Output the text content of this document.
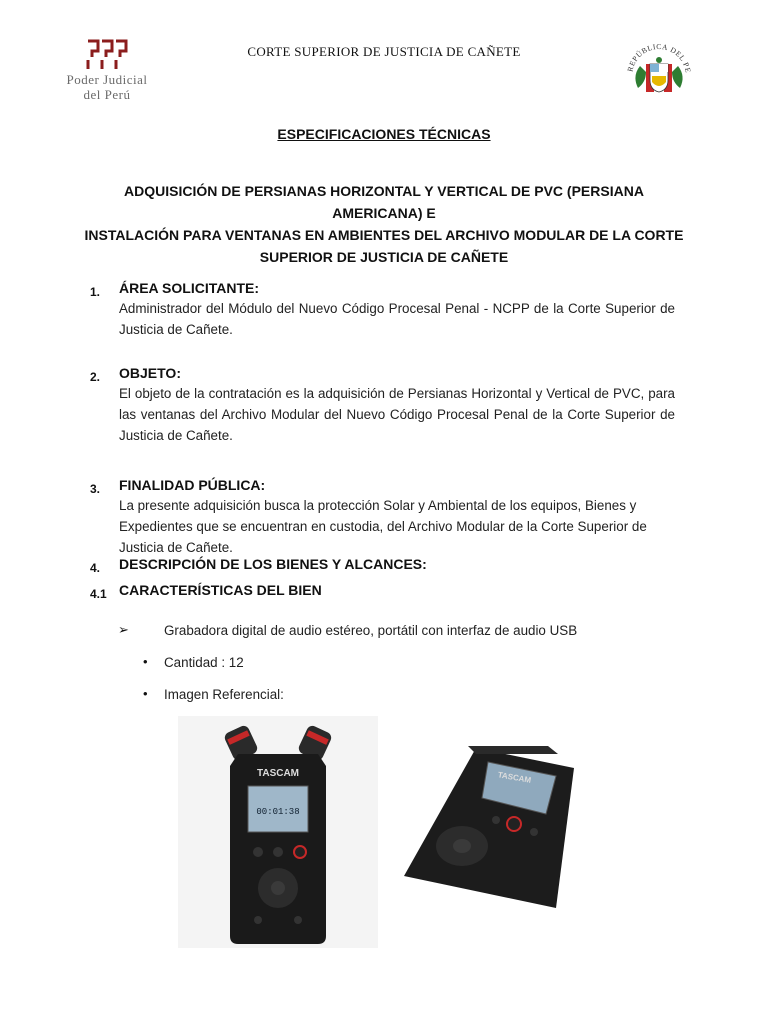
Poder Judicial
del Perú
CORTE SUPERIOR DE JUSTICIA DE CAÑETE
REPÚBLICA DEL PE
ESPECIFICACIONES TÉCNICAS
ADQUISICIÓN DE PERSIANAS HORIZONTAL Y VERTICAL DE PVC (PERSIANA AMERICANA) E
INSTALACIÓN PARA VENTANAS EN AMBIENTES DEL ARCHIVO MODULAR DE LA CORTE
SUPERIOR DE JUSTICIA DE CAÑETE
1. ÁREA SOLICITANTE:
Administrador del Módulo del Nuevo Código Procesal Penal - NCPP de la Corte Superior de Justicia de Cañete.
2. OBJETO:
El objeto de la contratación es la adquisición de Persianas Horizontal y Vertical de PVC, para las ventanas del Archivo Modular del Nuevo Código Procesal Penal de la Corte Superior de Justicia de Cañete.
3. FINALIDAD PÚBLICA:
La presente adquisición busca la protección Solar y Ambiental de los equipos, Bienes y Expedientes que se encuentran en custodia, del Archivo Modular de la Corte Superior de Justicia de Cañete.
4. DESCRIPCIÓN DE LOS BIENES Y ALCANCES:
4.1 CARACTERÍSTICAS DEL BIEN
➢	Grabadora digital de audio estéreo, portátil con interfaz de audio USB
• Cantidad : 12
• Imagen Referencial:
TASCAM
00:01:38
TASCAM
